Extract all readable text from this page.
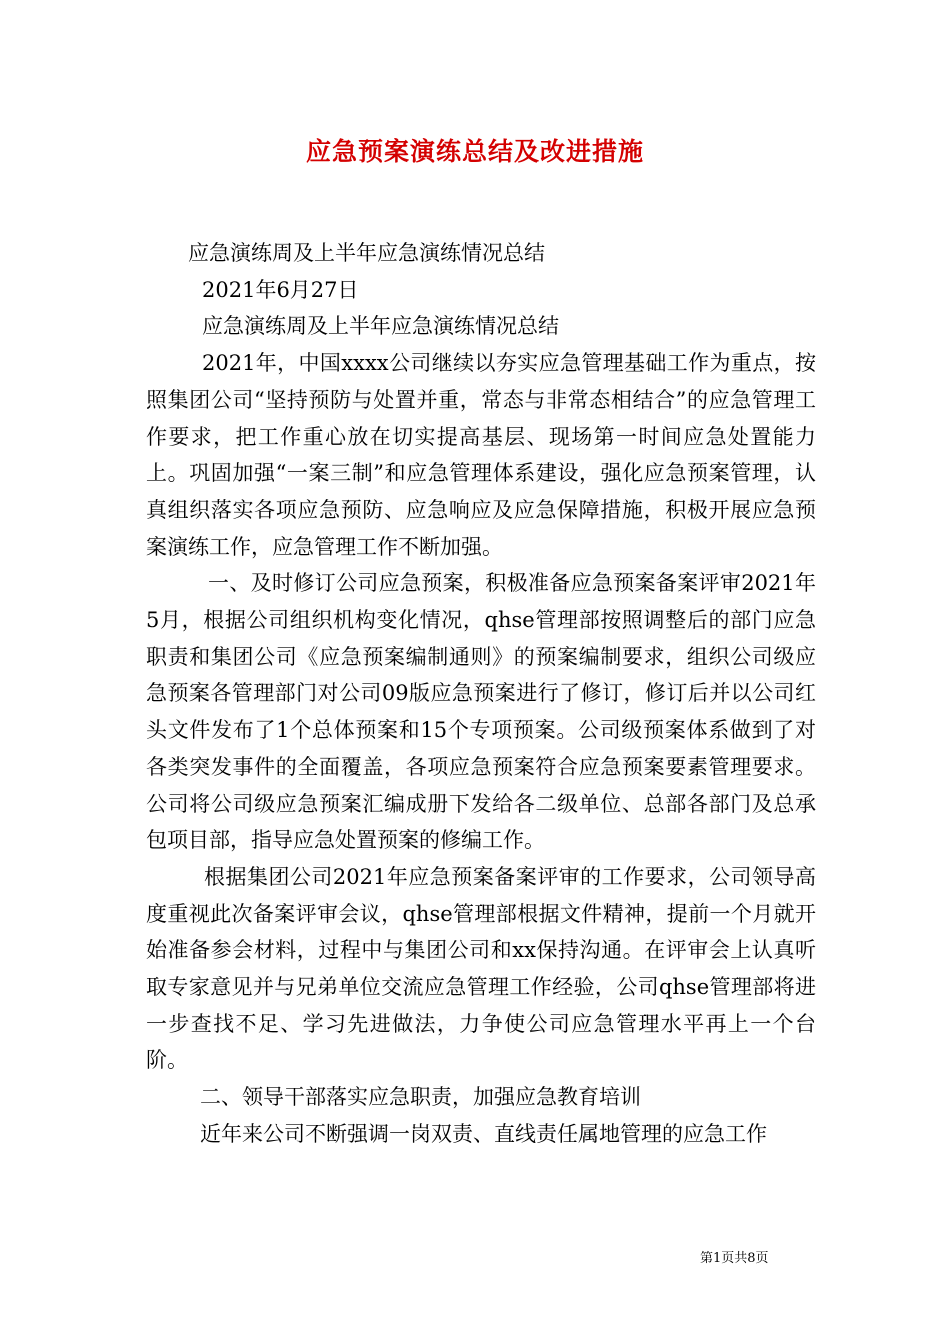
应急预案演练总结及改进措施

应急演练周及上半年应急演练情况总结

2021年6月27日

应急演练周及上半年应急演练情况总结

2021年，中国xxxx公司继续以夯实应急管理基础工作为重点，按照集团公司“坚持预防与处置并重，常态与非常态相结合”的应急管理工作要求，把工作重心放在切实提高基层、现场第一时间应急处置能力上。巩固加强“一案三制”和应急管理体系建设，强化应急预案管理，认真组织落实各项应急预防、应急响应及应急保障措施，积极开展应急预案演练工作，应急管理工作不断加强。

一、及时修订公司应急预案，积极准备应急预案备案评审2021年5月，根据公司组织机构变化情况，qhse管理部按照调整后的部门应急职责和集团公司《应急预案编制通则》的预案编制要求，组织公司级应急预案各管理部门对公司09版应急预案进行了修订，修订后并以公司红头文件发布了1个总体预案和15个专项预案。公司级预案体系做到了对各类突发事件的全面覆盖，各项应急预案符合应急预案要素管理要求。公司将公司级应急预案汇编成册下发给各二级单位、总部各部门及总承包项目部，指导应急处置预案的修编工作。

根据集团公司2021年应急预案备案评审的工作要求，公司领导高度重视此次备案评审会议，qhse管理部根据文件精神，提前一个月就开始准备参会材料，过程中与集团公司和xx保持沟通。在评审会上认真听取专家意见并与兄弟单位交流应急管理工作经验，公司qhse管理部将进一步查找不足、学习先进做法，力争使公司应急管理水平再上一个台阶。

二、领导干部落实应急职责，加强应急教育培训

近年来公司不断强调一岗双责、直线责任属地管理的应急工作

第1页共8页
